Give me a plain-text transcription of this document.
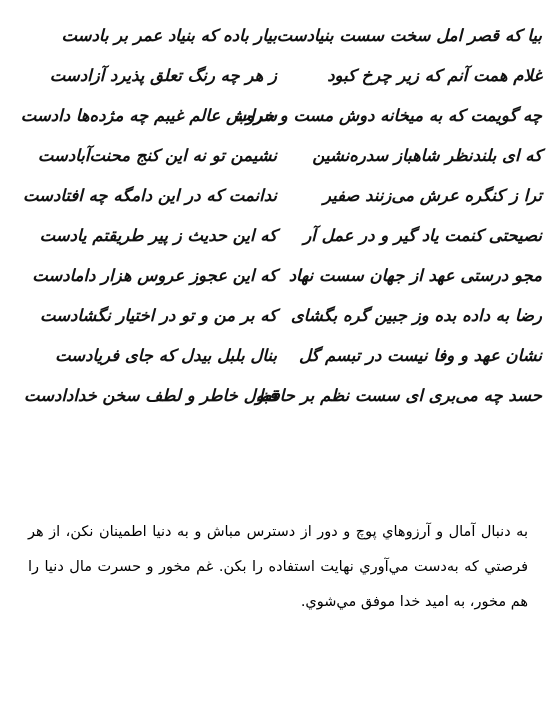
بیا که قصر امل سخت سست بنیادست
بیار باده که بنیاد عمر بر بادست
غلام همت آنم که زیر چرخ کبود
ز هر چه رنگ تعلق پذیرد آزادست
چه گویمت که به میخانه دوش مست و خراب
سروش عالم غیبم چه مژده‌ها دادست
که ای بلندنظر شاهباز سدره‌نشین
نشیمن تو نه این کنج محنت‌آبادست
ترا ز کنگره عرش می‌زنند صفیر
ندانمت که در این دامگه چه افتادست
نصیحتی کنمت یاد گیر و در عمل آر
که این حدیث ز پیر طریقتم یادست
مجو درستی عهد از جهان سست نهاد
که این عجوز عروس هزار دامادست
رضا به داده بده وز جبین گره بگشای
که بر من و تو در اختیار نگشادست
نشان عهد و وفا نیست در تبسم گل
بنال بلبل بیدل که جای فریادست
حسد چه می‌بری ای سست نظم بر حافظ
قبول خاطر و لطف سخن خدادادست
به دنبال آمال و آرزوهاي پوچ و دور از دسترس مباش و به دنيا اطمينان نكن، از هر فرصتي كه به‌دست مي‌آوري نهايت استفاده را بكن. غم مخور و حسرت مال دنيا را هم مخور، به اميد خدا موفق مي‌شوي.
